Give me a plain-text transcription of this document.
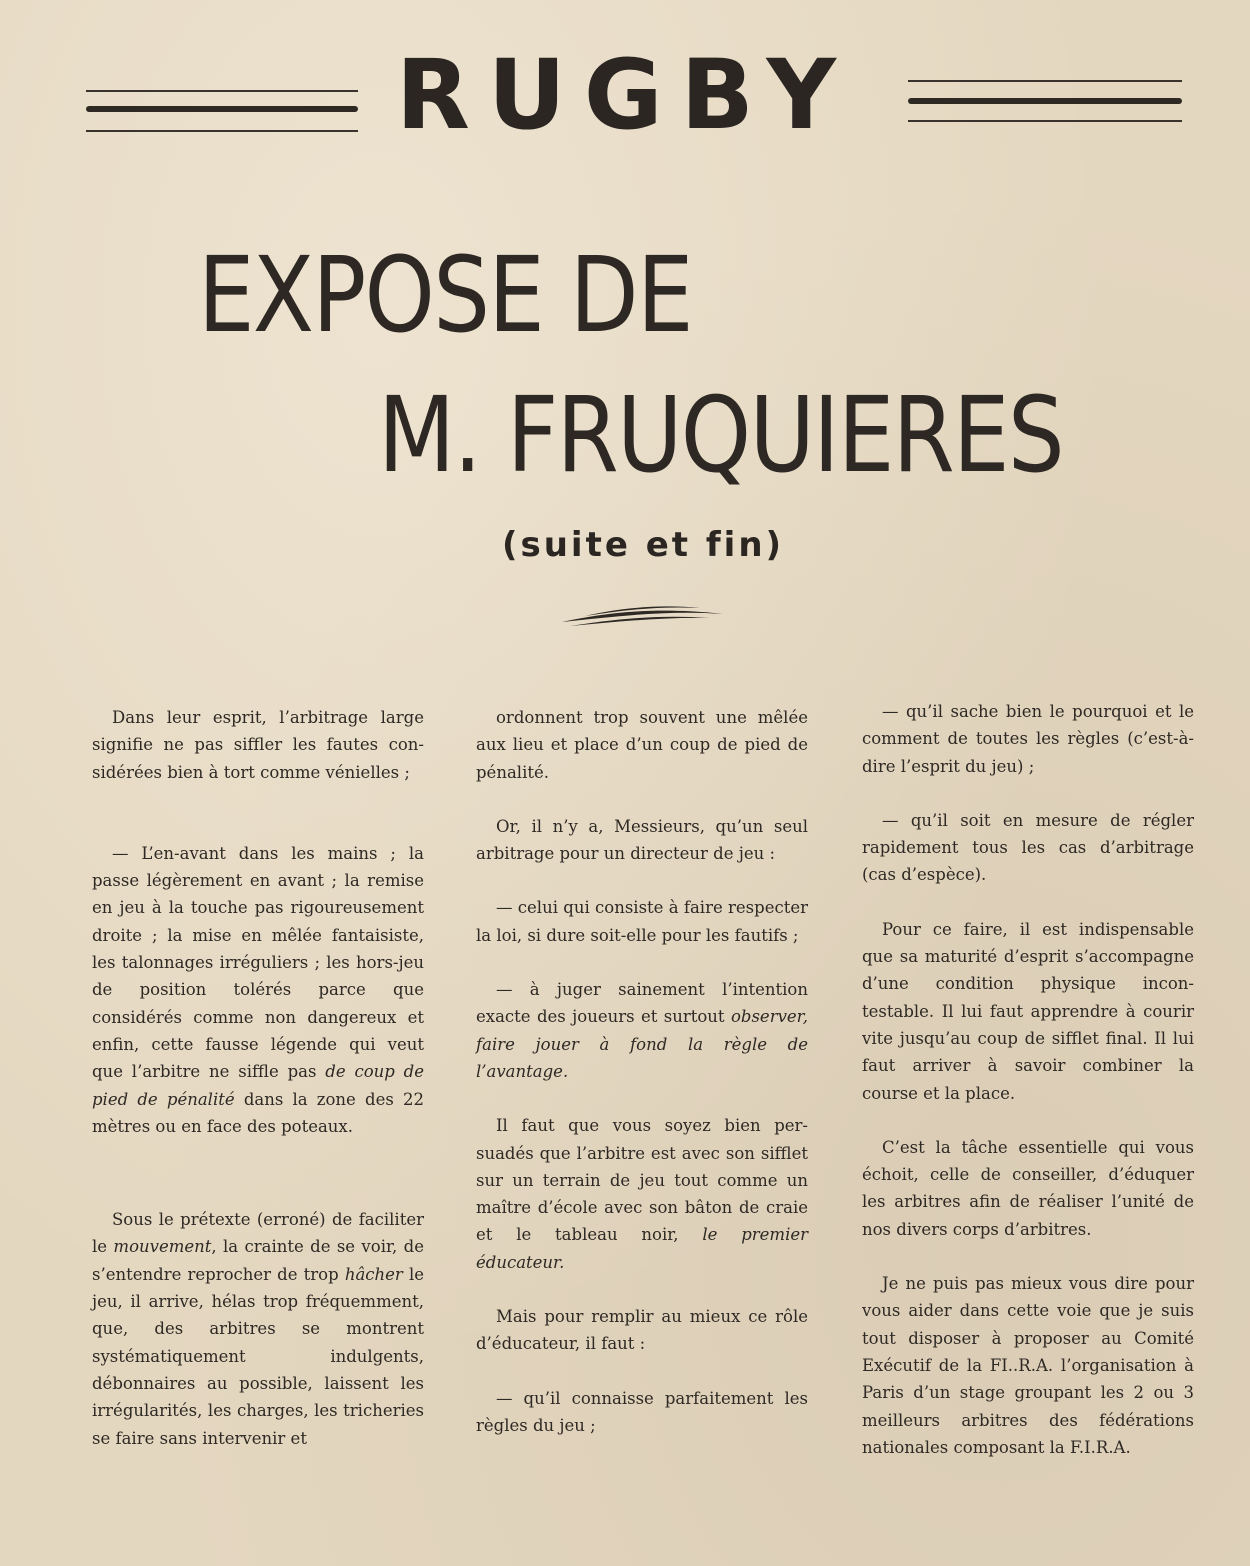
RUGBY
EXPOSE DE
M. FRUQUIERES

(suite et fin)

Dans leur esprit, l’arbitrage large signifie ne pas siffler les fautes considérées bien à tort comme vénielles ;

— L’en-avant dans les mains ; la passe légèrement en avant ; la remise en jeu à la touche pas rigoureusement droite ; la mise en mêlée fantaisiste, les talonnages irréguliers ; les hors-jeu de position tolérés parce que considérés comme non dangereux et enfin, cette fausse légende qui veut que l’arbitre ne siffle pas de coup de pied de pénalité dans la zone des 22 mètres ou en face des poteaux.

Sous le prétexte (erroné) de faciliter le mouvement, la crainte de se voir, de s’entendre reprocher de trop hâcher le jeu, il arrive, hélas trop fréquemment, que, des arbitres se montrent systématiquement indulgents, débonnaires au possible, laissent les irrégularités, les charges, les tricheries se faire sans intervenir et

ordonnent trop souvent une mêlée aux lieu et place d’un coup de pied de pénalité.

Or, il n’y a, Messieurs, qu’un seul arbitrage pour un directeur de jeu :

— celui qui consiste à faire respecter la loi, si dure soit-elle pour les fautifs ;

— à juger sainement l’intention exacte des joueurs et surtout observer, faire jouer à fond la règle de l’avantage.

Il faut que vous soyez bien persuadés que l’arbitre est avec son sifflet sur un terrain de jeu tout comme un maître d’école avec son bâton de craie et le tableau noir, le premier éducateur.

Mais pour remplir au mieux ce rôle d’éducateur, il faut :

— qu’il connaisse parfaitement les règles du jeu ;

— qu’il sache bien le pourquoi et le comment de toutes les règles (c’est-à-dire l’esprit du jeu) ;

— qu’il soit en mesure de régler rapidement tous les cas d’arbitrage (cas d’espèce).

Pour ce faire, il est indispensable que sa maturité d’esprit s’accompagne d’une condition physique incontestable. Il lui faut apprendre à courir vite jusqu’au coup de sifflet final. Il lui faut arriver à savoir combiner la course et la place.

C’est la tâche essentielle qui vous échoit, celle de conseiller, d’éduquer les arbitres afin de réaliser l’unité de nos divers corps d’arbitres.

Je ne puis pas mieux vous dire pour vous aider dans cette voie que je suis tout disposer à proposer au Comité Exécutif de la FI..R.A. l’organisation à Paris d’un stage groupant les 2 ou 3 meilleurs arbitres des fédérations nationales composant la F.I.R.A.
